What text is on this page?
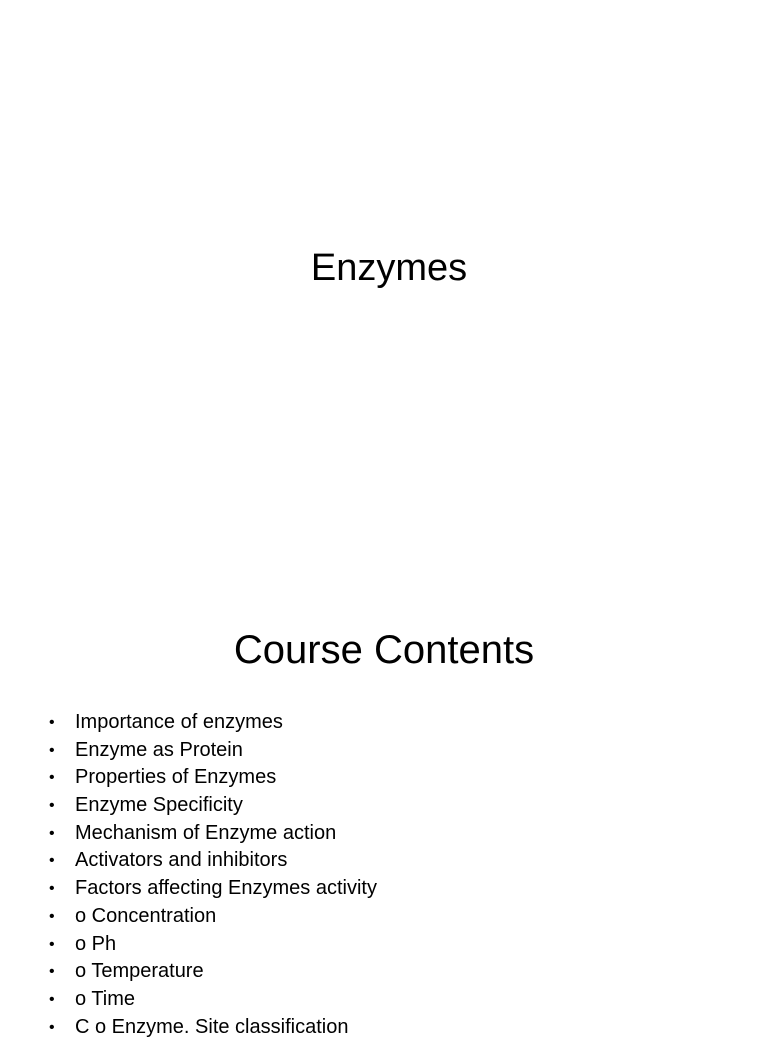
Enzymes
Course Contents
• Importance of enzymes
• Enzyme as Protein
• Properties of Enzymes
• Enzyme Specificity
• Mechanism of Enzyme action
• Activators and inhibitors
• Factors affecting Enzymes activity
• o Concentration
• o Ph
• o Temperature
• o Time
• C o Enzyme. Site classification
